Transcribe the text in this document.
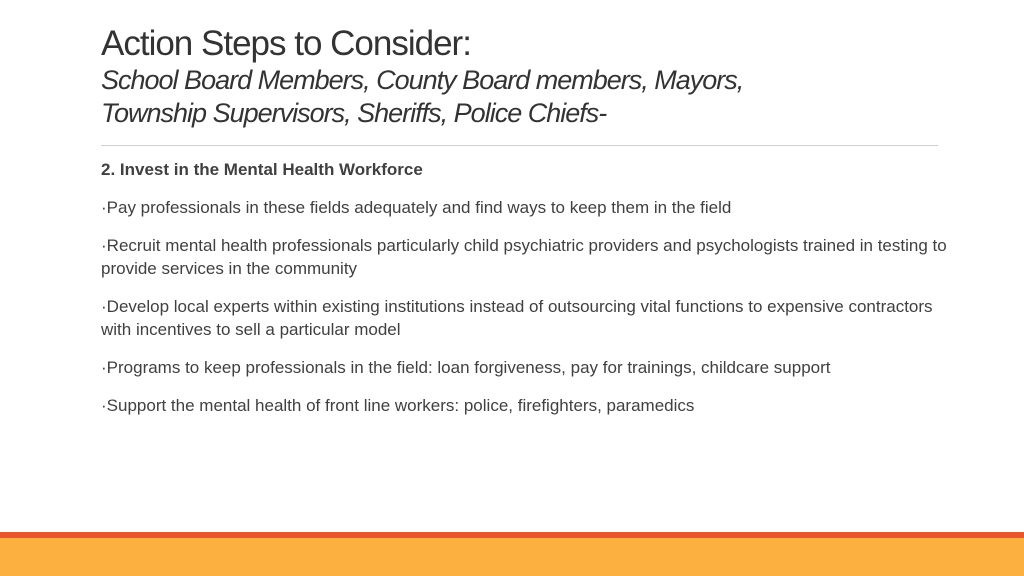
Action Steps to Consider:
School Board Members, County Board members, Mayors,
Township Supervisors, Sheriffs, Police Chiefs-

2. Invest in the Mental Health Workforce

·Pay professionals in these fields adequately and find ways to keep them in the field

·Recruit mental health professionals particularly child psychiatric providers and psychologists trained in testing to provide services in the community

·Develop local experts within existing institutions instead of outsourcing vital functions to expensive contractors with incentives to sell a particular model

·Programs to keep professionals in the field: loan forgiveness, pay for trainings, childcare support

·Support the mental health of front line workers: police, firefighters, paramedics
